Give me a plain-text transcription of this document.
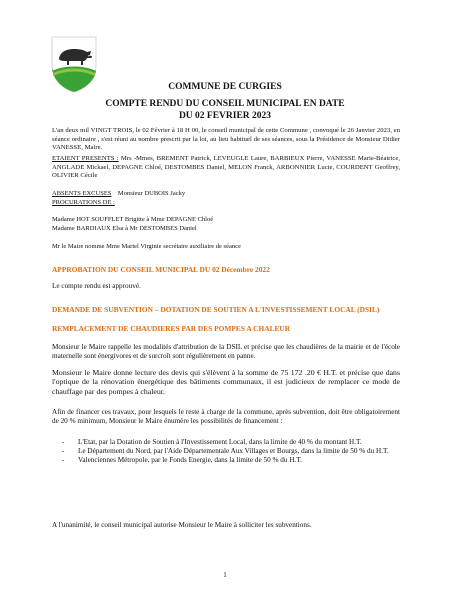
COMMUNE DE CURGIES
COMPTE RENDU DU CONSEIL MUNICIPAL EN DATE
DU 02 FEVRIER 2023
L'an deux mil VINGT TROIS, le 02 Février à 18 H 00, le conseil municipal de cette Commune , convoqué le 26 Janvier 2023, en séance ordinaire , s'est réuni au nombre prescrit par la loi, au lieu habituel de ses séances, sous la Présidence de Monsieur Didier VANESSE, Maire.
ETAIENT PRESENTS : Mrs -Mmes, BREMENT Patrick, LEVEUGLE Laure, BARBIEUX Pierre, VANESSE Marie-Béatrice, ANGLADE Mickael, DEPAGNE Chloé, DESTOMBES Daniel, MELON Franck, ARBONNIER Lucie, COURDENT Geoffrey, OLIVIER Cécile
ABSENTS EXCUSES Monsieur DUBOIS Jacky
PROCURATIONS DE :
Madame HOT SOUFFLET Brigitte à Mme DEPAGNE Chloé
Madame BARDIAUX Elsa à Mr DESTOMBES Daniel
Mr le Maire nomme Mme Martel Virginie secrétaire auxiliaire de séance
APPROBATION DU CONSEIL MUNICIPAL DU 02 Décembre 2022
Le compte rendu est approuvé.
DEMANDE DE SUBVENTION – DOTATION DE SOUTIEN A L'INVESTISSEMENT LOCAL (DSIL)
REMPLACEMENT DE CHAUDIERES PAR DES POMPES A CHALEUR
Monsieur le Maire rappelle les modalités d'attribution de la DSIL et précise que les chaudières de la mairie et de l'école maternelle sont énergivores et de surcroît sont régulièrement en panne.
Monsieur le Maire donne lecture des devis qui s'élèvent à la somme de 75 172 .20 € H.T. et précise que dans l'optique de la rénovation énergétique des bâtiments communaux, il est judicieux de remplacer ce mode de chauffage par des pompes à chaleur.
Afin de financer ces travaux, pour lesquels le reste à charge de la commune, après subvention, doit être obligatoirement de 20 % minimum, Monsieur le Maire énumère les possibilités de financement :
- L'Etat, par la Dotation de Soutien à l'Investissement Local, dans la limite de 40 % du montant H.T.
- Le Département du Nord, par l'Aide Départementale Aux Villages et Bourgs, dans la limite de 50 % du H.T.
- Valenciennes Métropole, par le Fonds Energie, dans la limite de 50 % du H.T.
A l'unanimité, le conseil municipal autorise Monsieur le Maire à solliciter les subventions.
1
